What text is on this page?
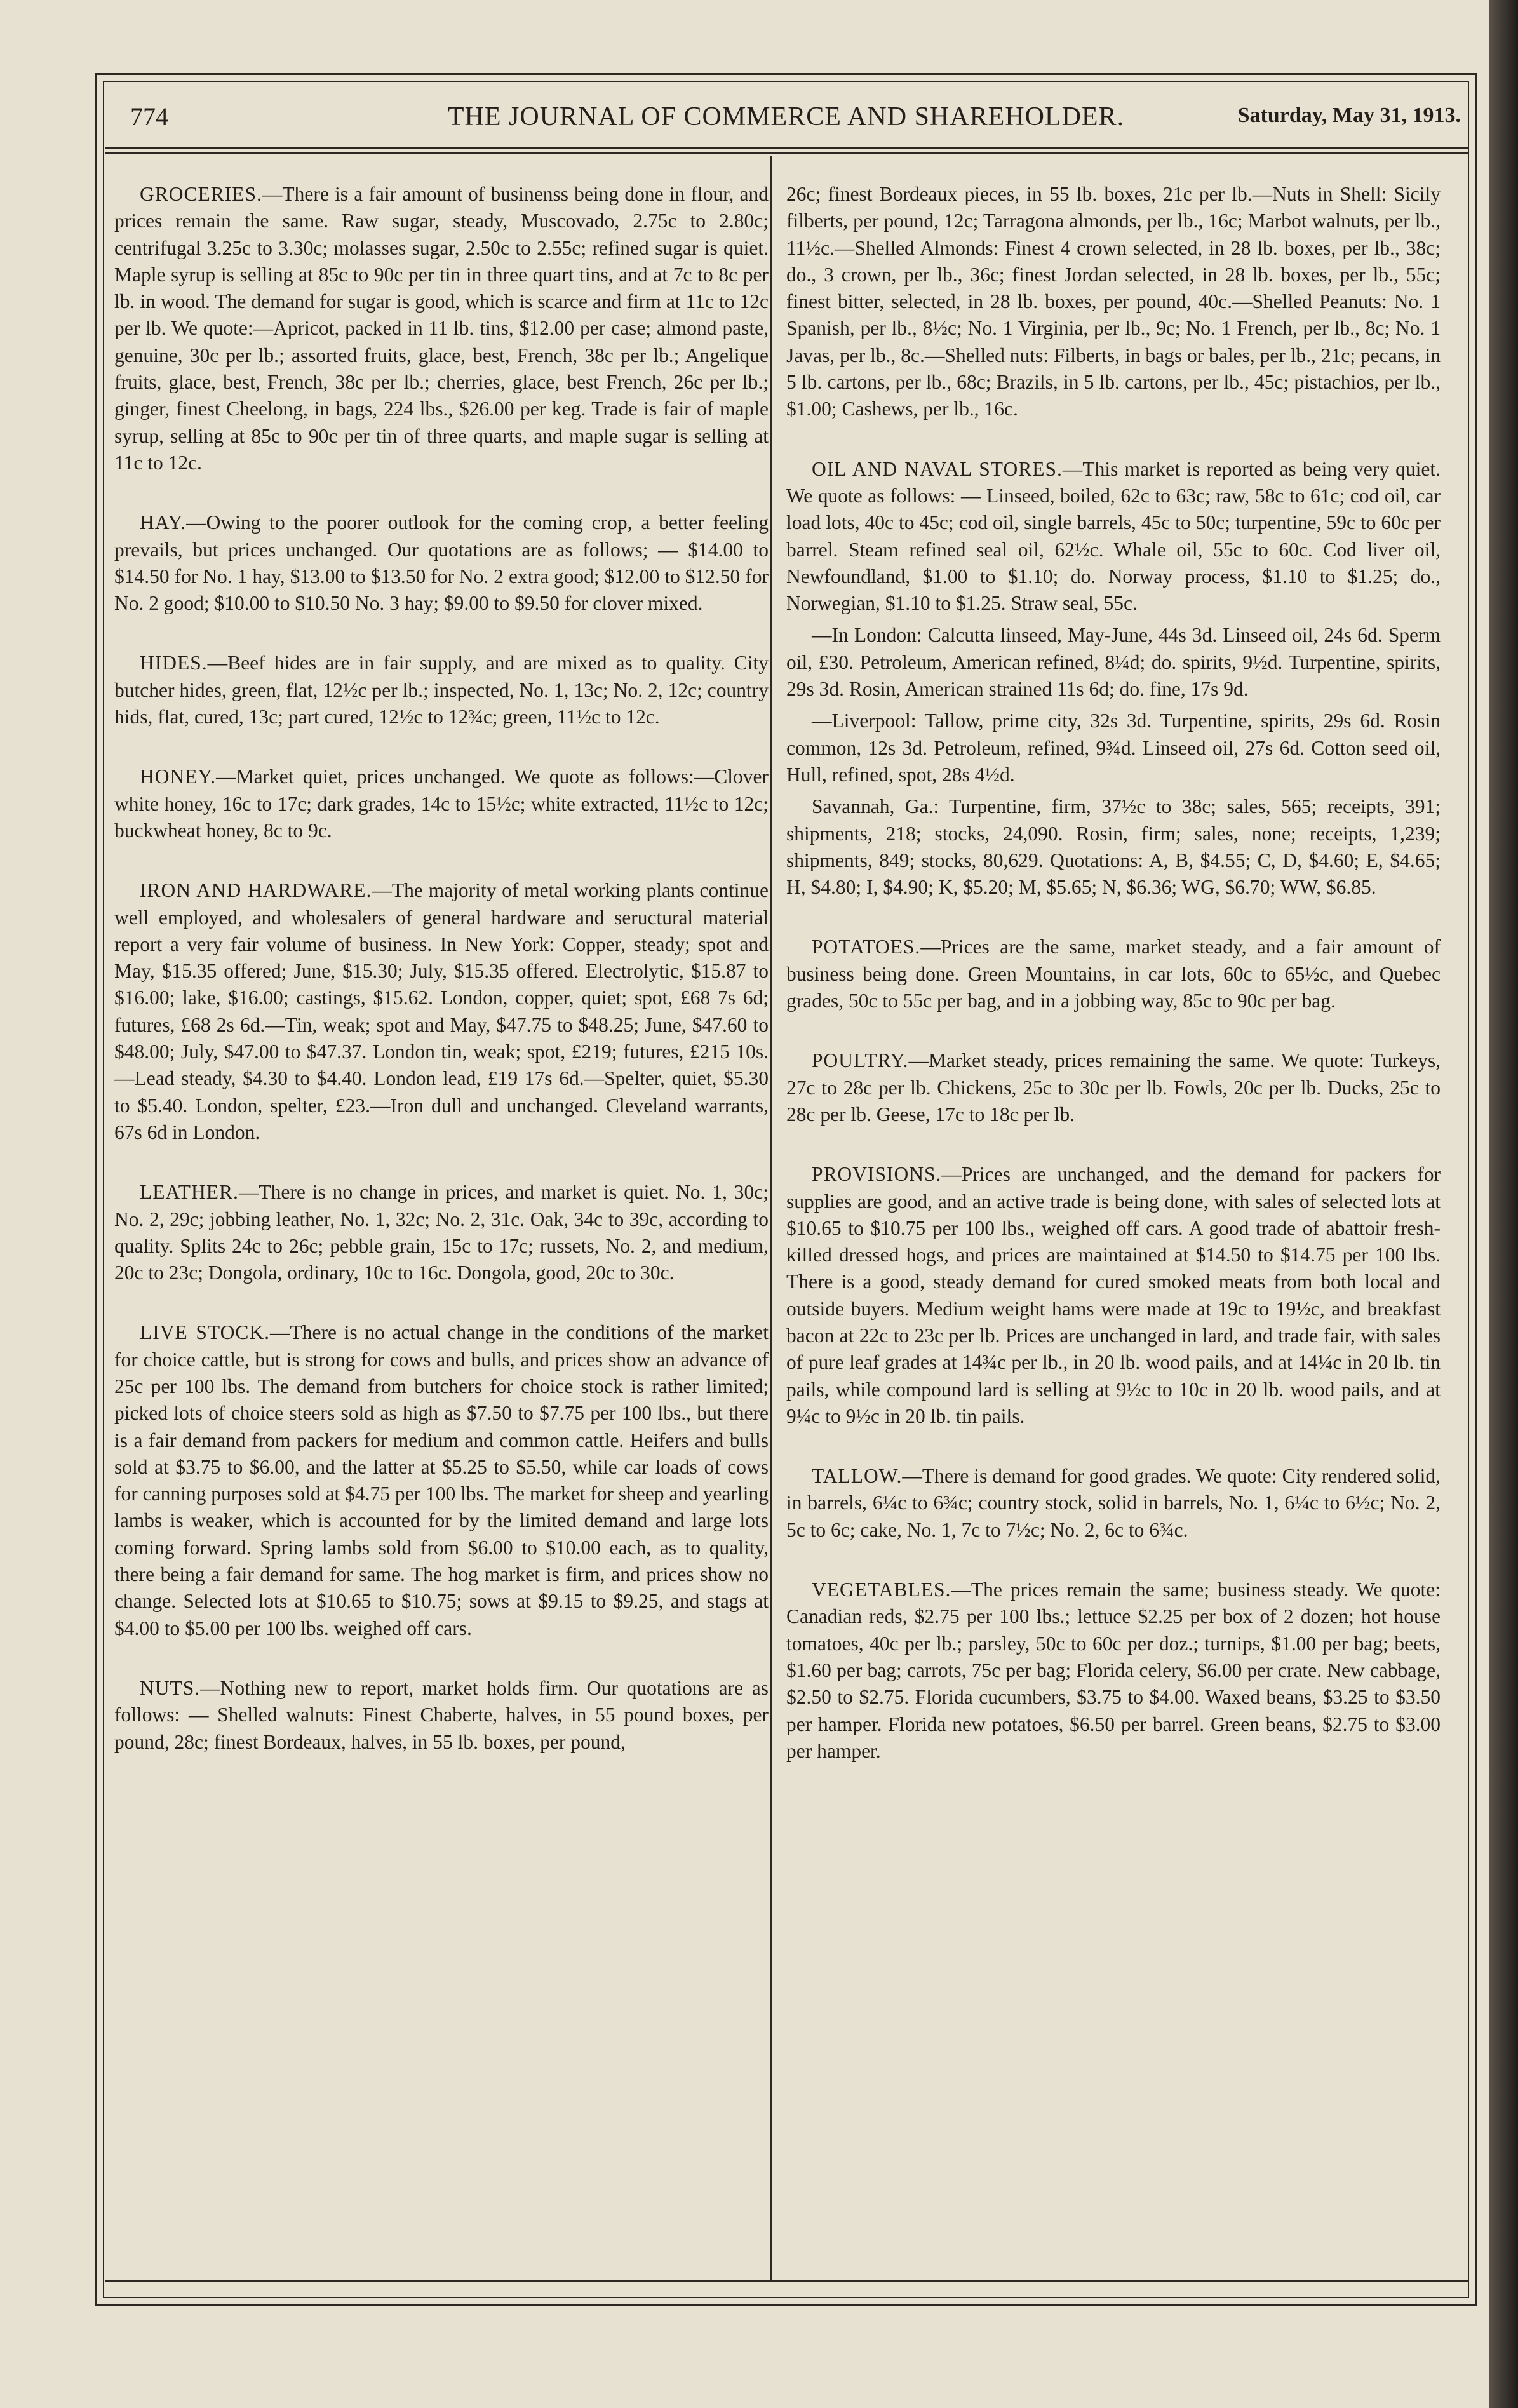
774	THE JOURNAL OF COMMERCE AND SHAREHOLDER.	Saturday, May 31, 1913.

GROCERIES.—There is a fair amount of businenss being done in flour, and prices remain the same. Raw sugar, steady, Muscovado, 2.75c to 2.80c; centrifugal 3.25c to 3.30c; molasses sugar, 2.50c to 2.55c; refined sugar is quiet. Maple syrup is selling at 85c to 90c per tin in three quart tins, and at 7c to 8c per lb. in wood. The demand for sugar is good, which is scarce and firm at 11c to 12c per lb. We quote:—Apricot, packed in 11 lb. tins, $12.00 per case; almond paste, genuine, 30c per lb.; assorted fruits, glace, best, French, 38c per lb.; Angelique fruits, glace, best, French, 38c per lb.; cherries, glace, best French, 26c per lb.; ginger, finest Cheelong, in bags, 224 lbs., $26.00 per keg. Trade is fair of maple syrup, selling at 85c to 90c per tin of three quarts, and maple sugar is selling at 11c to 12c.

HAY.—Owing to the poorer outlook for the coming crop, a better feeling prevails, but prices unchanged. Our quotations are as follows; — $14.00 to $14.50 for No. 1 hay, $13.00 to $13.50 for No. 2 extra good; $12.00 to $12.50 for No. 2 good; $10.00 to $10.50 No. 3 hay; $9.00 to $9.50 for clover mixed.

HIDES.—Beef hides are in fair supply, and are mixed as to quality. City butcher hides, green, flat, 12½c per lb.; inspected, No. 1, 13c; No. 2, 12c; country hids, flat, cured, 13c; part cured, 12½c to 12¾c; green, 11½c to 12c.

HONEY.—Market quiet, prices unchanged. We quote as follows:—Clover white honey, 16c to 17c; dark grades, 14c to 15½c; white extracted, 11½c to 12c; buckwheat honey, 8c to 9c.

IRON AND HARDWARE.—The majority of metal working plants continue well employed, and wholesalers of general hardware and seructural material report a very fair volume of business. In New York: Copper, steady; spot and May, $15.35 offered; June, $15.30; July, $15.35 offered. Electrolytic, $15.87 to $16.00; lake, $16.00; castings, $15.62. London, copper, quiet; spot, £68 7s 6d; futures, £68 2s 6d.—Tin, weak; spot and May, $47.75 to $48.25; June, $47.60 to $48.00; July, $47.00 to $47.37. London tin, weak; spot, £219; futures, £215 10s.—Lead steady, $4.30 to $4.40. London lead, £19 17s 6d.—Spelter, quiet, $5.30 to $5.40. London, spelter, £23.—Iron dull and unchanged. Cleveland warrants, 67s 6d in London.

LEATHER.—There is no change in prices, and market is quiet. No. 1, 30c; No. 2, 29c; jobbing leather, No. 1, 32c; No. 2, 31c. Oak, 34c to 39c, according to quality. Splits 24c to 26c; pebble grain, 15c to 17c; russets, No. 2, and medium, 20c to 23c; Dongola, ordinary, 10c to 16c. Dongola, good, 20c to 30c.

LIVE STOCK.—There is no actual change in the conditions of the market for choice cattle, but is strong for cows and bulls, and prices show an advance of 25c per 100 lbs. The demand from butchers for choice stock is rather limited; picked lots of choice steers sold as high as $7.50 to $7.75 per 100 lbs., but there is a fair demand from packers for medium and common cattle. Heifers and bulls sold at $3.75 to $6.00, and the latter at $5.25 to $5.50, while car loads of cows for canning purposes sold at $4.75 per 100 lbs. The market for sheep and yearling lambs is weaker, which is accounted for by the limited demand and large lots coming forward. Spring lambs sold from $6.00 to $10.00 each, as to quality, there being a fair demand for same. The hog market is firm, and prices show no change. Selected lots at $10.65 to $10.75; sows at $9.15 to $9.25, and stags at $4.00 to $5.00 per 100 lbs. weighed off cars.

NUTS.—Nothing new to report, market holds firm. Our quotations are as follows: — Shelled walnuts: Finest Chaberte, halves, in 55 pound boxes, per pound, 28c; finest Bordeaux, halves, in 55 lb. boxes, per pound,

26c; finest Bordeaux pieces, in 55 lb. boxes, 21c per lb.—Nuts in Shell: Sicily filberts, per pound, 12c; Tarragona almonds, per lb., 16c; Marbot walnuts, per lb., 11½c.—Shelled Almonds: Finest 4 crown selected, in 28 lb. boxes, per lb., 38c; do., 3 crown, per lb., 36c; finest Jordan selected, in 28 lb. boxes, per lb., 55c; finest bitter, selected, in 28 lb. boxes, per pound, 40c.—Shelled Peanuts: No. 1 Spanish, per lb., 8½c; No. 1 Virginia, per lb., 9c; No. 1 French, per lb., 8c; No. 1 Javas, per lb., 8c.—Shelled nuts: Filberts, in bags or bales, per lb., 21c; pecans, in 5 lb. cartons, per lb., 68c; Brazils, in 5 lb. cartons, per lb., 45c; pistachios, per lb., $1.00; Cashews, per lb., 16c.

OIL AND NAVAL STORES.—This market is reported as being very quiet. We quote as follows: — Linseed, boiled, 62c to 63c; raw, 58c to 61c; cod oil, car load lots, 40c to 45c; cod oil, single barrels, 45c to 50c; turpentine, 59c to 60c per barrel. Steam refined seal oil, 62½c. Whale oil, 55c to 60c. Cod liver oil, Newfoundland, $1.00 to $1.10; do. Norway process, $1.10 to $1.25; do., Norwegian, $1.10 to $1.25. Straw seal, 55c.

—In London: Calcutta linseed, May-June, 44s 3d. Linseed oil, 24s 6d. Sperm oil, £30. Petroleum, American refined, 8¼d; do. spirits, 9½d. Turpentine, spirits, 29s 3d. Rosin, American strained 11s 6d; do. fine, 17s 9d.

—Liverpool: Tallow, prime city, 32s 3d. Turpentine, spirits, 29s 6d. Rosin common, 12s 3d. Petroleum, refined, 9¾d. Linseed oil, 27s 6d. Cotton seed oil, Hull, refined, spot, 28s 4½d.

Savannah, Ga.: Turpentine, firm, 37½c to 38c; sales, 565; receipts, 391; shipments, 218; stocks, 24,090. Rosin, firm; sales, none; receipts, 1,239; shipments, 849; stocks, 80,629. Quotations: A, B, $4.55; C, D, $4.60; E, $4.65; H, $4.80; I, $4.90; K, $5.20; M, $5.65; N, $6.36; WG, $6.70; WW, $6.85.

POTATOES.—Prices are the same, market steady, and a fair amount of business being done. Green Mountains, in car lots, 60c to 65½c, and Quebec grades, 50c to 55c per bag, and in a jobbing way, 85c to 90c per bag.

POULTRY.—Market steady, prices remaining the same. We quote: Turkeys, 27c to 28c per lb. Chickens, 25c to 30c per lb. Fowls, 20c per lb. Ducks, 25c to 28c per lb. Geese, 17c to 18c per lb.

PROVISIONS.—Prices are unchanged, and the demand for packers for supplies are good, and an active trade is being done, with sales of selected lots at $10.65 to $10.75 per 100 lbs., weighed off cars. A good trade of abattoir fresh-killed dressed hogs, and prices are maintained at $14.50 to $14.75 per 100 lbs. There is a good, steady demand for cured smoked meats from both local and outside buyers. Medium weight hams were made at 19c to 19½c, and breakfast bacon at 22c to 23c per lb. Prices are unchanged in lard, and trade fair, with sales of pure leaf grades at 14¾c per lb., in 20 lb. wood pails, and at 14¼c in 20 lb. tin pails, while compound lard is selling at 9½c to 10c in 20 lb. wood pails, and at 9¼c to 9½c in 20 lb. tin pails.

TALLOW.—There is demand for good grades. We quote: City rendered solid, in barrels, 6¼c to 6¾c; country stock, solid in barrels, No. 1, 6¼c to 6½c; No. 2, 5c to 6c; cake, No. 1, 7c to 7½c; No. 2, 6c to 6¾c.

VEGETABLES.—The prices remain the same; business steady. We quote: Canadian reds, $2.75 per 100 lbs.; lettuce $2.25 per box of 2 dozen; hot house tomatoes, 40c per lb.; parsley, 50c to 60c per doz.; turnips, $1.00 per bag; beets, $1.60 per bag; carrots, 75c per bag; Florida celery, $6.00 per crate. New cabbage, $2.50 to $2.75. Florida cucumbers, $3.75 to $4.00. Waxed beans, $3.25 to $3.50 per hamper. Florida new potatoes, $6.50 per barrel. Green beans, $2.75 to $3.00 per hamper.
